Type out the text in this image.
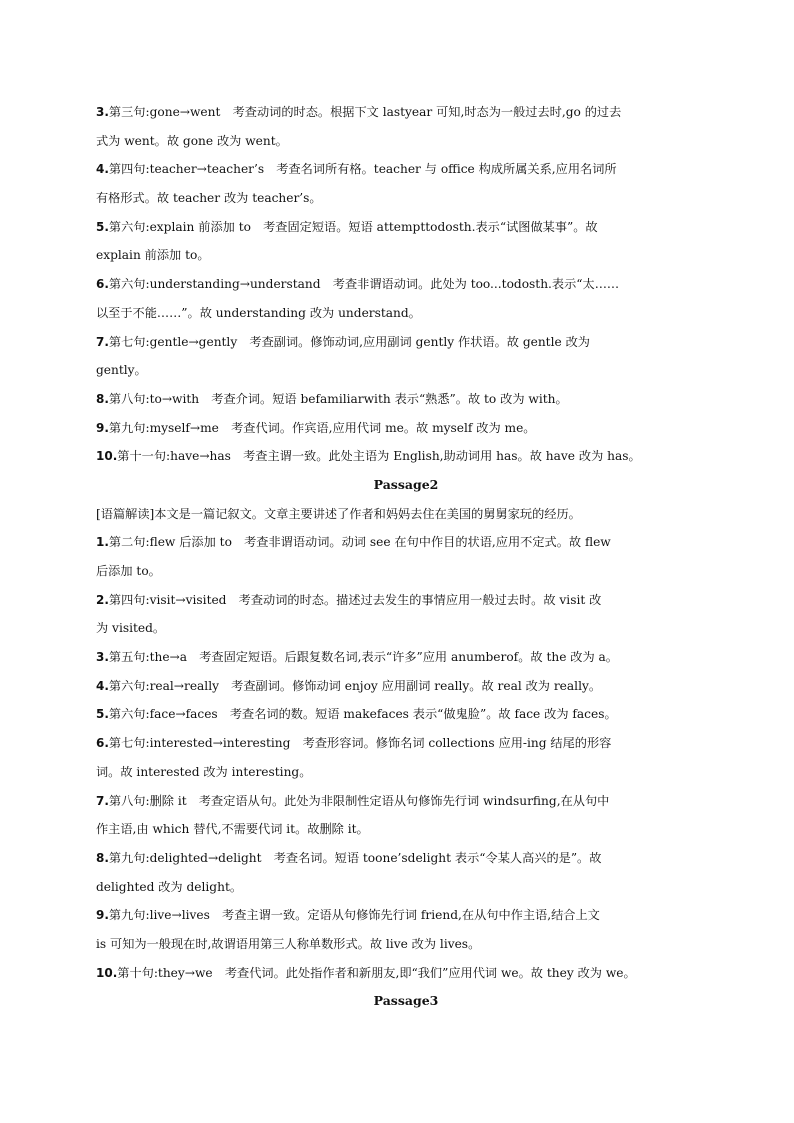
3.第三句:gone→went　考查动词的时态。根据下文 lastyear 可知,时态为一般过去时,go 的过去
式为 went。故 gone 改为 went。
4.第四句:teacher→teacher’s　考查名词所有格。teacher 与 office 构成所属关系,应用名词所
有格形式。故 teacher 改为 teacher’s。
5.第六句:explain 前添加 to　考查固定短语。短语 attempttodosth.表示“试图做某事”。故
explain 前添加 to。
6.第六句:understanding→understand　考查非谓语动词。此处为 too...todosth.表示“太……
以至于不能……”。故 understanding 改为 understand。
7.第七句:gentle→gently　考查副词。修饰动词,应用副词 gently 作状语。故 gentle 改为
gently。
8.第八句:to→with　考查介词。短语 befamiliarwith 表示“熟悉”。故 to 改为 with。
9.第九句:myself→me　考查代词。作宾语,应用代词 me。故 myself 改为 me。
10.第十一句:have→has　考查主谓一致。此处主语为 English,助动词用 has。故 have 改为 has。
Passage2
[语篇解读]本文是一篇记叙文。文章主要讲述了作者和妈妈去住在美国的舅舅家玩的经历。
1.第二句:flew 后添加 to　考查非谓语动词。动词 see 在句中作目的状语,应用不定式。故 flew
后添加 to。
2.第四句:visit→visited　考查动词的时态。描述过去发生的事情应用一般过去时。故 visit 改
为 visited。
3.第五句:the→a　考查固定短语。后跟复数名词,表示“许多”应用 anumberof。故 the 改为 a。
4.第六句:real→really　考查副词。修饰动词 enjoy 应用副词 really。故 real 改为 really。
5.第六句:face→faces　考查名词的数。短语 makefaces 表示“做鬼脸”。故 face 改为 faces。
6.第七句:interested→interesting　考查形容词。修饰名词 collections 应用-ing 结尾的形容
词。故 interested 改为 interesting。
7.第八句:删除 it　考查定语从句。此处为非限制性定语从句修饰先行词 windsurfing,在从句中
作主语,由 which 替代,不需要代词 it。故删除 it。
8.第九句:delighted→delight　考查名词。短语 toone’sdelight 表示“令某人高兴的是”。故
delighted 改为 delight。
9.第九句:live→lives　考查主谓一致。定语从句修饰先行词 friend,在从句中作主语,结合上文
is 可知为一般现在时,故谓语用第三人称单数形式。故 live 改为 lives。
10.第十句:they→we　考查代词。此处指作者和新朋友,即“我们”应用代词 we。故 they 改为 we。
Passage3
